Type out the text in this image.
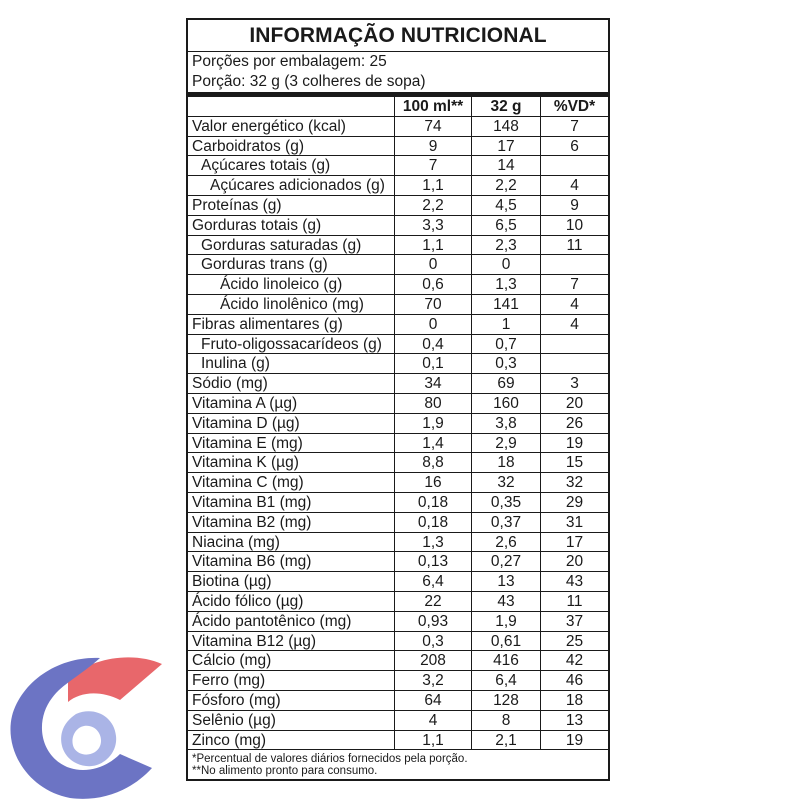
INFORMAÇÃO NUTRICIONAL
Porções por embalagem: 25
Porção: 32 g (3 colheres de sopa)
100 ml**	32 g	%VD*
Valor energético (kcal)	74	148	7
Carboidratos (g)	9	17	6
Açúcares totais (g)	7	14
Açúcares adicionados (g)	1,1	2,2	4
Proteínas (g)	2,2	4,5	9
Gorduras totais (g)	3,3	6,5	10
Gorduras saturadas (g)	1,1	2,3	11
Gorduras trans (g)	0	0
Ácido linoleico (g)	0,6	1,3	7
Ácido linolênico (mg)	70	141	4
Fibras alimentares (g)	0	1	4
Fruto-oligossacarídeos (g)	0,4	0,7
Inulina (g)	0,1	0,3
Sódio (mg)	34	69	3
Vitamina A (µg)	80	160	20
Vitamina D (µg)	1,9	3,8	26
Vitamina E (mg)	1,4	2,9	19
Vitamina K (µg)	8,8	18	15
Vitamina C (mg)	16	32	32
Vitamina B1 (mg)	0,18	0,35	29
Vitamina B2 (mg)	0,18	0,37	31
Niacina (mg)	1,3	2,6	17
Vitamina B6 (mg)	0,13	0,27	20
Biotina (µg)	6,4	13	43
Ácido fólico (µg)	22	43	11
Ácido pantotênico (mg)	0,93	1,9	37
Vitamina B12 (µg)	0,3	0,61	25
Cálcio (mg)	208	416	42
Ferro (mg)	3,2	6,4	46
Fósforo (mg)	64	128	18
Selênio (µg)	4	8	13
Zinco (mg)	1,1	2,1	19
*Percentual de valores diários fornecidos pela porção.
**No alimento pronto para consumo.
